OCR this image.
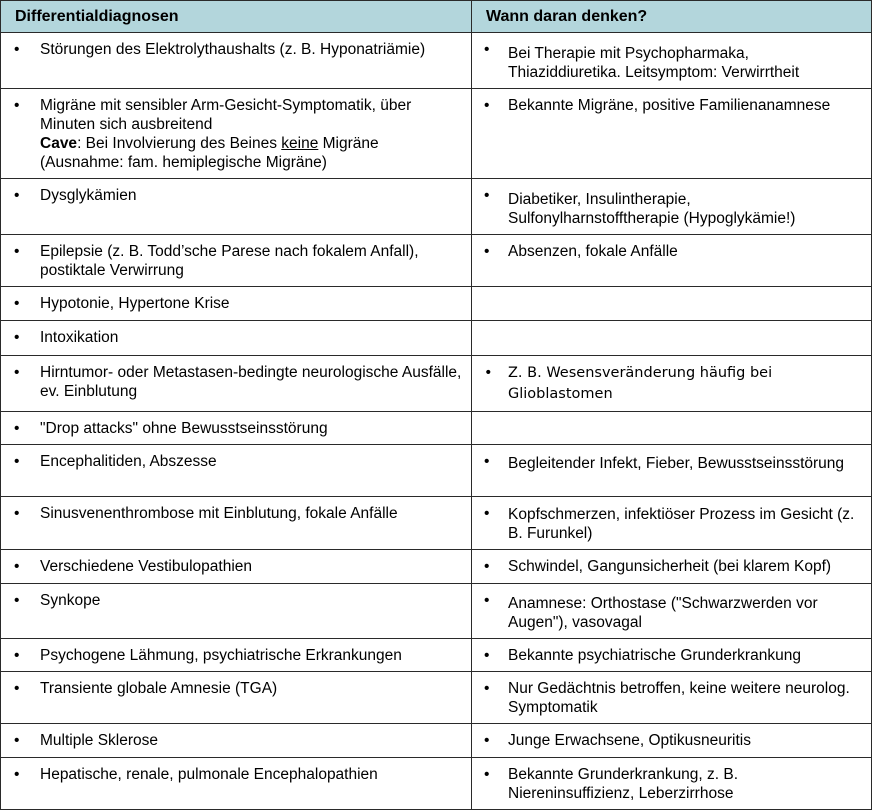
Differentialdiagnosen	Wann daran denken?

• Störungen des Elektrolythaushalts (z. B. Hyponatriämie)	• Bei Therapie mit Psychopharmaka, Thiaziddiuretika. Leitsymptom: Verwirrtheit

• Migräne mit sensibler Arm-Gesicht-Symptomatik, über Minuten sich ausbreitend
Cave: Bei Involvierung des Beines keine Migräne
(Ausnahme: fam. hemiplegische Migräne)	• Bekannte Migräne, positive Familienanamnese

• Dysglykämien	• Diabetiker, Insulintherapie, Sulfonylharnstofftherapie (Hypoglykämie!)

• Epilepsie (z. B. Todd’sche Parese nach fokalem Anfall), postiktale Verwirrung	• Absenzen, fokale Anfälle

• Hypotonie, Hypertone Krise	

• Intoxikation	

• Hirntumor- oder Metastasen-bedingte neurologische Ausfälle, ev. Einblutung	• Z. B. Wesensveränderung häufig bei Glioblastomen

• "Drop attacks" ohne Bewusstseinsstörung	

• Encephalitiden, Abszesse	• Begleitender Infekt, Fieber, Bewusstseinsstörung

• Sinusvenenthrombose mit Einblutung, fokale Anfälle	• Kopfschmerzen, infektiöser Prozess im Gesicht (z. B. Furunkel)

• Verschiedene Vestibulopathien	• Schwindel, Gangunsicherheit (bei klarem Kopf)

• Synkope	• Anamnese: Orthostase ("Schwarzwerden vor Augen"), vasovagal

• Psychogene Lähmung, psychiatrische Erkrankungen	• Bekannte psychiatrische Grunderkrankung

• Transiente globale Amnesie (TGA)	• Nur Gedächtnis betroffen, keine weitere neurolog. Symptomatik

• Multiple Sklerose	• Junge Erwachsene, Optikusneuritis

• Hepatische, renale, pulmonale Encephalopathien	• Bekannte Grunderkrankung, z. B. Niereninsuffizienz, Leberzirrhose
